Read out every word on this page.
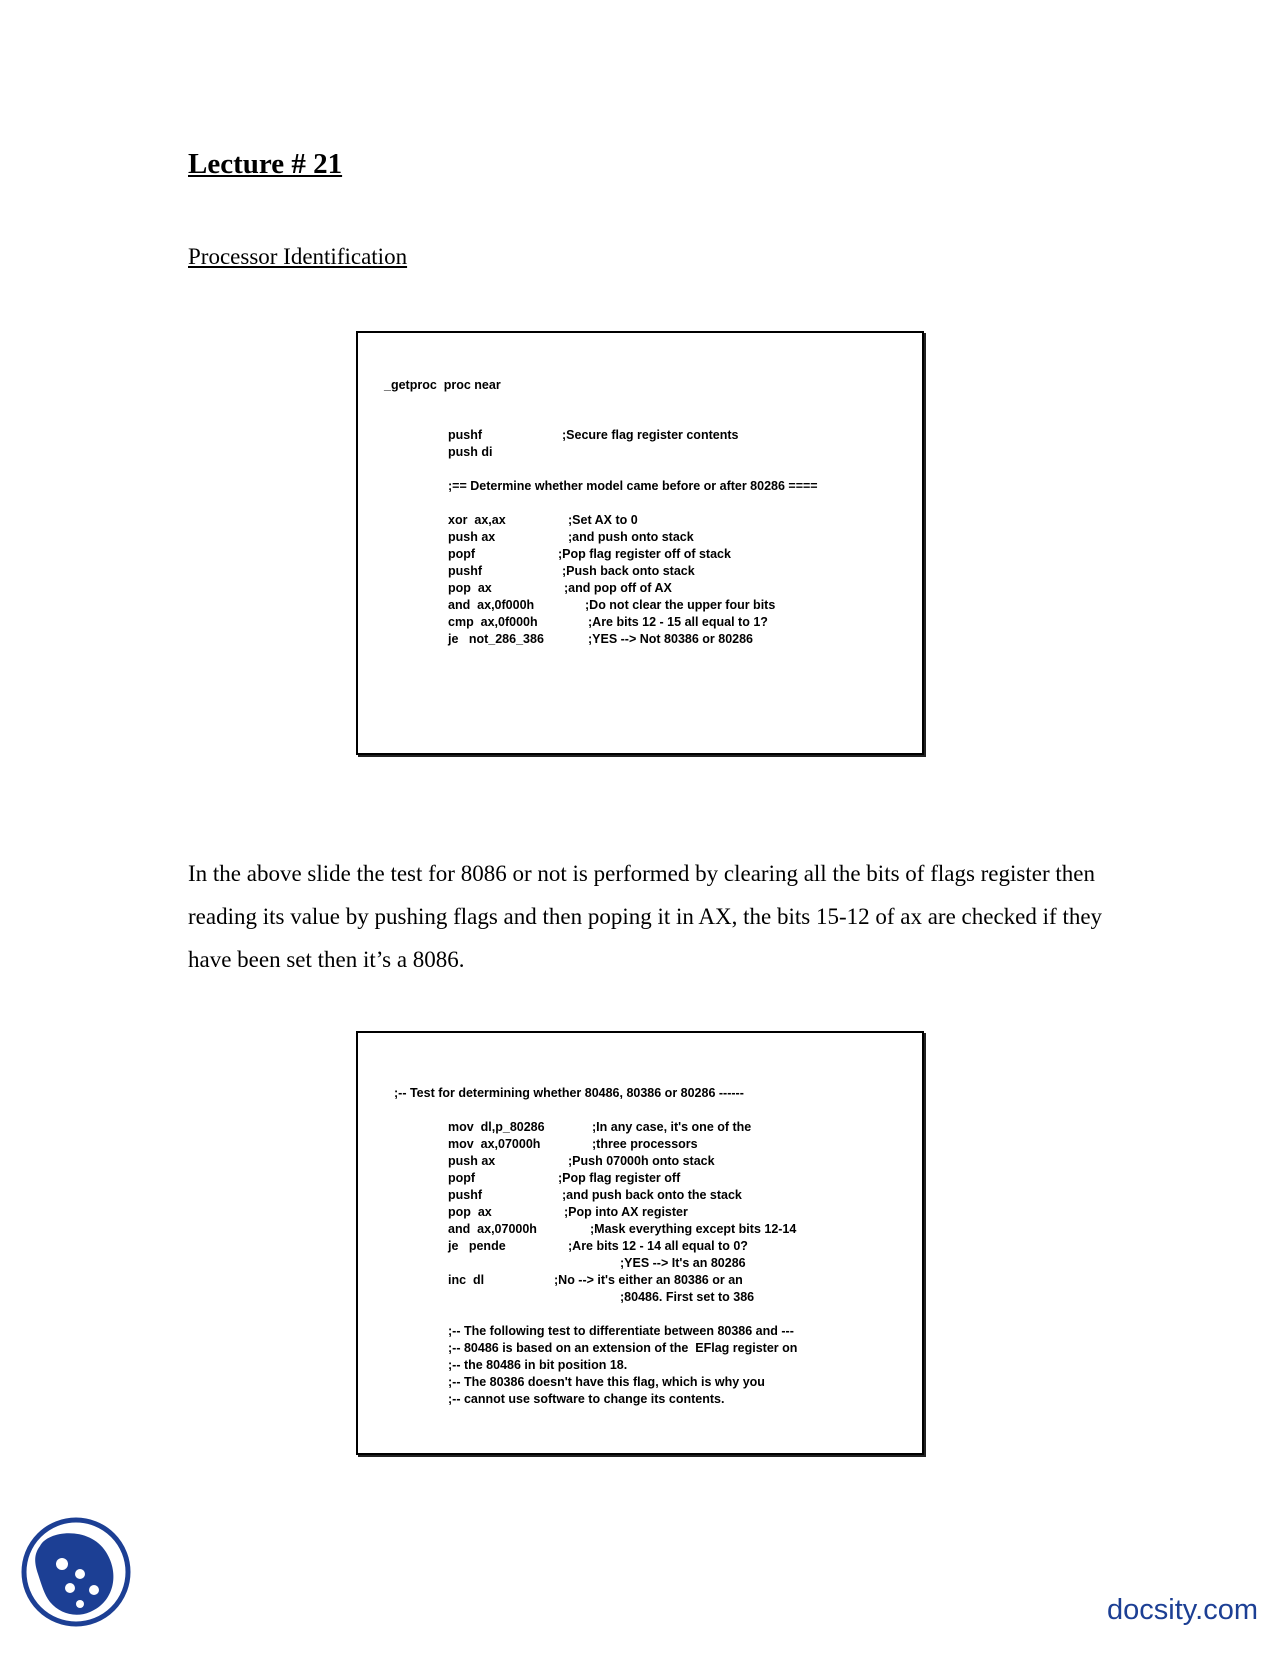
Lecture # 21
Processor Identification
_getproc  proc near
pushf	;Secure flag register contents
push di
;== Determine whether model came before or after 80286 ====
xor  ax,ax	;Set AX to 0
push ax	;and push onto stack
popf	;Pop flag register off of stack
pushf	;Push back onto stack
pop  ax	;and pop off of AX
and  ax,0f000h	;Do not clear the upper four bits
cmp  ax,0f000h	;Are bits 12 - 15 all equal to 1?
je   not_286_386	;YES --> Not 80386 or 80286
In the above slide the test for 8086 or not is performed by clearing all the bits of flags register then reading its value by pushing flags and then poping it in AX, the bits 15-12 of ax are checked if they have been set then it’s a 8086.
;-- Test for determining whether 80486, 80386 or 80286 ------
mov  dl,p_80286	;In any case, it's one of the
mov  ax,07000h	;three processors
push ax	;Push 07000h onto stack
popf	;Pop flag register off
pushf	;and push back onto the stack
pop  ax	;Pop into AX register
and  ax,07000h	;Mask everything except bits 12-14
je   pende	;Are bits 12 - 14 all equal to 0?
;YES --> It's an 80286
inc  dl	;No --> it's either an 80386 or an
;80486. First set to 386
;-- The following test to differentiate between 80386 and ---
;-- 80486 is based on an extension of the  EFlag register on
;-- the 80486 in bit position 18.
;-- The 80386 doesn't have this flag, which is why you
;-- cannot use software to change its contents.
docsity.com
